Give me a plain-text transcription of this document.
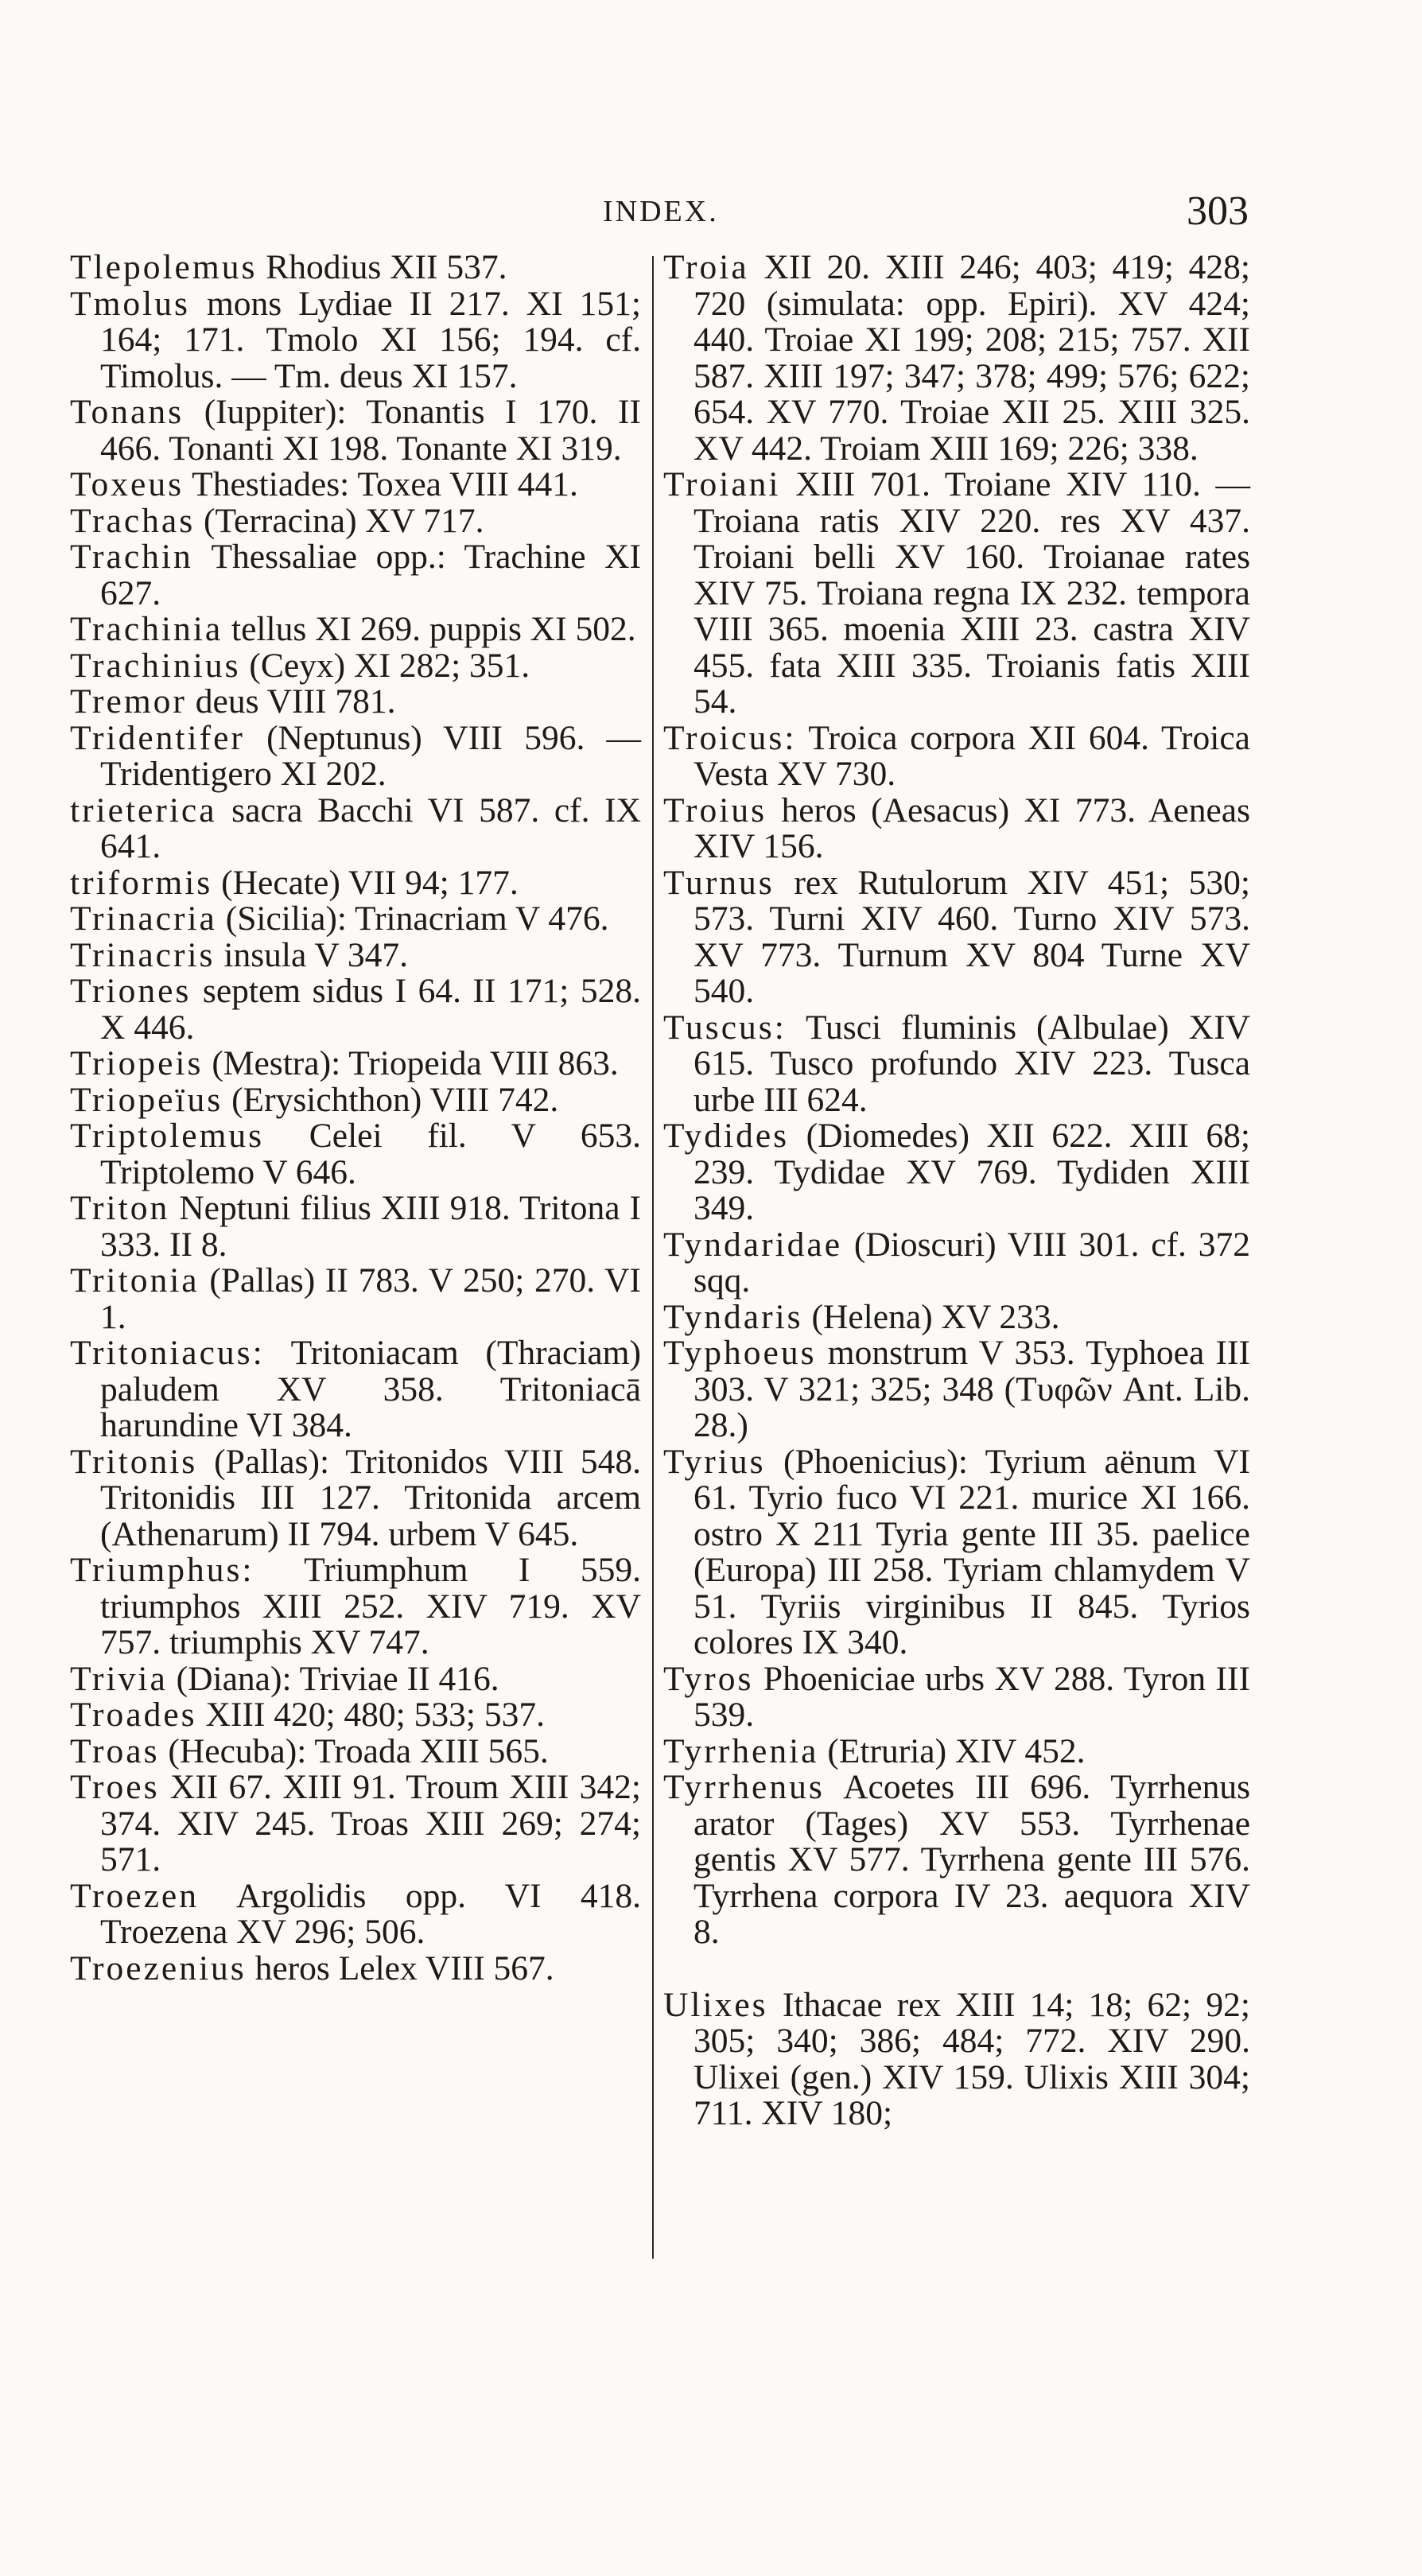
INDEX.	303

Tlepolemus Rhodius XII 537.

Tmolus mons Lydiae II 217. XI 151; 164; 171. Tmolo XI 156; 194. cf. Timolus. — Tm. deus XI 157.

Tonans (Iuppiter): Tonantis I 170. II 466. Tonanti XI 198. Tonante XI 319.

Toxeus Thestiades: Toxea VIII 441.

Trachas (Terracina) XV 717.

Trachin Thessaliae opp.: Trachine XI 627.

Trachinia tellus XI 269. puppis XI 502.

Trachinius (Ceyx) XI 282; 351.

Tremor deus VIII 781.

Tridentifer (Neptunus) VIII 596. — Tridentigero XI 202.

trieterica sacra Bacchi VI 587. cf. IX 641.

triformis (Hecate) VII 94; 177.

Trinacria (Sicilia): Trinacriam V 476.

Trinacris insula V 347.

Triones septem sidus I 64. II 171; 528. X 446.

Triopeis (Mestra): Triopeida VIII 863.

Triopeïus (Erysichthon) VIII 742.

Triptolemus Celei fil. V 653. Triptolemo V 646.

Triton Neptuni filius XIII 918. Tritona I 333. II 8.

Tritonia (Pallas) II 783. V 250; 270. VI 1.

Tritoniacus: Tritoniacam (Thraciam) paludem XV 358. Tritoniacā harundine VI 384.

Tritonis (Pallas): Tritonidos VIII 548. Tritonidis III 127. Tritonida arcem (Athenarum) II 794. urbem V 645.

Triumphus: Triumphum I 559. triumphos XIII 252. XIV 719. XV 757. triumphis XV 747.

Trivia (Diana): Triviae II 416.

Troades XIII 420; 480; 533; 537.

Troas (Hecuba): Troada XIII 565.

Troes XII 67. XIII 91. Troum XIII 342; 374. XIV 245. Troas XIII 269; 274; 571.

Troezen Argolidis opp. VI 418. Troezena XV 296; 506.

Troezenius heros Lelex VIII 567.

Troia XII 20. XIII 246; 403; 419; 428; 720 (simulata: opp. Epiri). XV 424; 440. Troiae XI 199; 208; 215; 757. XII 587. XIII 197; 347; 378; 499; 576; 622; 654. XV 770. Troiae XII 25. XIII 325. XV 442. Troiam XIII 169; 226; 338.

Troiani XIII 701. Troiane XIV 110. — Troiana ratis XIV 220. res XV 437. Troiani belli XV 160. Troianae rates XIV 75. Troiana regna IX 232. tempora VIII 365. moenia XIII 23. castra XIV 455. fata XIII 335. Troianis fatis XIII 54.

Troicus: Troica corpora XII 604. Troica Vesta XV 730.

Troius heros (Aesacus) XI 773. Aeneas XIV 156.

Turnus rex Rutulorum XIV 451; 530; 573. Turni XIV 460. Turno XIV 573. XV 773. Turnum XV 804 Turne XV 540.

Tuscus: Tusci fluminis (Albulae) XIV 615. Tusco profundo XIV 223. Tusca urbe III 624.

Tydides (Diomedes) XII 622. XIII 68; 239. Tydidae XV 769. Tydiden XIII 349.

Tyndaridae (Dioscuri) VIII 301. cf. 372 sqq.

Tyndaris (Helena) XV 233.

Typhoeus monstrum V 353. Typhoea III 303. V 321; 325; 348 (Τυφῶν Ant. Lib. 28.)

Tyrius (Phoenicius): Tyrium aënum VI 61. Tyrio fuco VI 221. murice XI 166. ostro X 211 Tyria gente III 35. paelice (Europa) III 258. Tyriam chlamydem V 51. Tyriis virginibus II 845. Tyrios colores IX 340.

Tyros Phoeniciae urbs XV 288. Tyron III 539.

Tyrrhenia (Etruria) XIV 452.

Tyrrhenus Acoetes III 696. Tyrrhenus arator (Tages) XV 553. Tyrrhenae gentis XV 577. Tyrrhena gente III 576. Tyrrhena corpora IV 23. aequora XIV 8.

Ulixes Ithacae rex XIII 14; 18; 62; 92; 305; 340; 386; 484; 772. XIV 290. Ulixei (gen.) XIV 159. Ulixis XIII 304; 711. XIV 180;
